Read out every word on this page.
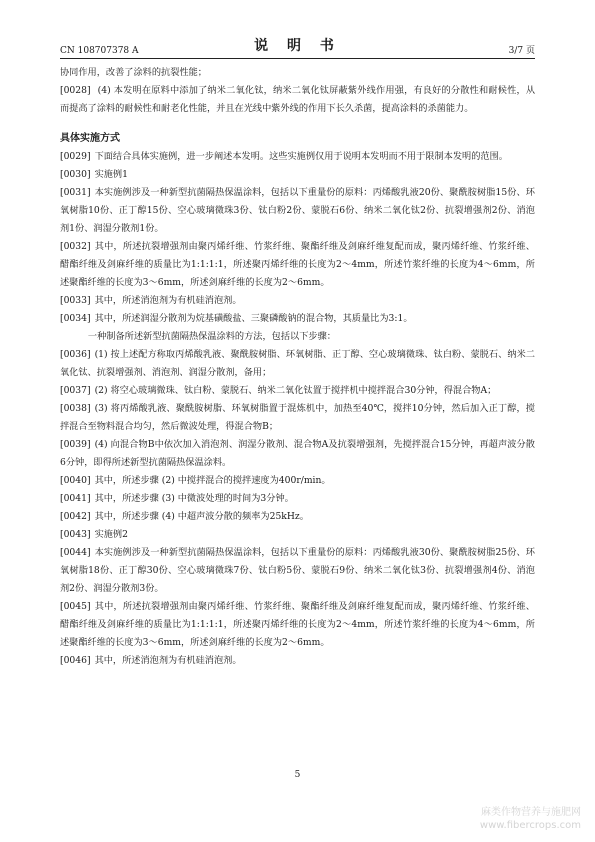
CN 108707378 A	说 明 书	3/7 页

协同作用，改善了涂料的抗裂性能；

[0028] (4) 本发明在原料中添加了纳米二氧化钛，纳米二氧化钛屏蔽紫外线作用强，有良好的分散性和耐候性，从而提高了涂料的耐候性和耐老化性能，并且在光线中紫外线的作用下长久杀菌，提高涂料的杀菌能力。

具体实施方式

[0029] 下面结合具体实施例，进一步阐述本发明。这些实施例仅用于说明本发明而不用于限制本发明的范围。

[0030] 实施例1

[0031] 本实施例涉及一种新型抗菌隔热保温涂料，包括以下重量份的原料：丙烯酸乳液20份、聚酰胺树脂15份、环氧树脂10份、正丁醇15份、空心玻璃微珠3份、钛白粉2份、蒙脱石6份、纳米二氧化钛2份、抗裂增强剂2份、消泡剂1份、润湿分散剂1份。

[0032] 其中，所述抗裂增强剂由聚丙烯纤维、竹浆纤维、聚酯纤维及剑麻纤维复配而成，聚丙烯纤维、竹浆纤维、醋酯纤维及剑麻纤维的质量比为1:1:1:1，所述聚丙烯纤维的长度为2～4mm，所述竹浆纤维的长度为4～6mm，所述聚酯纤维的长度为3～6mm，所述剑麻纤维的长度为2～6mm。

[0033] 其中，所述消泡剂为有机硅消泡剂。

[0034] 其中，所述润湿分散剂为烷基磺酸盐、三聚磷酸钠的混合物，其质量比为3:1。

一种制备所述新型抗菌隔热保温涂料的方法，包括以下步骤：

[0036] (1) 按上述配方称取丙烯酸乳液、聚酰胺树脂、环氧树脂、正丁醇、空心玻璃微珠、钛白粉、蒙脱石、纳米二氧化钛、抗裂增强剂、消泡剂、润湿分散剂，备用；

[0037] (2) 将空心玻璃微珠、钛白粉、蒙脱石、纳米二氧化钛置于搅拌机中搅拌混合30分钟，得混合物A；

[0038] (3) 将丙烯酸乳液、聚酰胺树脂、环氧树脂置于混炼机中，加热至40℃，搅拌10分钟，然后加入正丁醇，搅拌混合至物料混合均匀，然后微波处理，得混合物B；

[0039] (4) 向混合物B中依次加入消泡剂、润湿分散剂、混合物A及抗裂增强剂，先搅拌混合15分钟，再超声波分散6分钟，即得所述新型抗菌隔热保温涂料。

[0040] 其中，所述步骤 (2) 中搅拌混合的搅拌速度为400r/min。

[0041] 其中，所述步骤 (3) 中微波处理的时间为3分钟。

[0042] 其中，所述步骤 (4) 中超声波分散的频率为25kHz。

[0043] 实施例2

[0044] 本实施例涉及一种新型抗菌隔热保温涂料，包括以下重量份的原料：丙烯酸乳液30份、聚酰胺树脂25份、环氧树脂18份、正丁醇30份、空心玻璃微珠7份、钛白粉5份、蒙脱石9份、纳米二氧化钛3份、抗裂增强剂4份、消泡剂2份、润湿分散剂3份。

[0045] 其中，所述抗裂增强剂由聚丙烯纤维、竹浆纤维、聚酯纤维及剑麻纤维复配而成，聚丙烯纤维、竹浆纤维、醋酯纤维及剑麻纤维的质量比为1:1:1:1，所述聚丙烯纤维的长度为2～4mm，所述竹浆纤维的长度为4～6mm，所述聚酯纤维的长度为3～6mm，所述剑麻纤维的长度为2～6mm。

[0046] 其中，所述消泡剂为有机硅消泡剂。

5
麻类作物营养与施肥网
www.fibercrops.com
